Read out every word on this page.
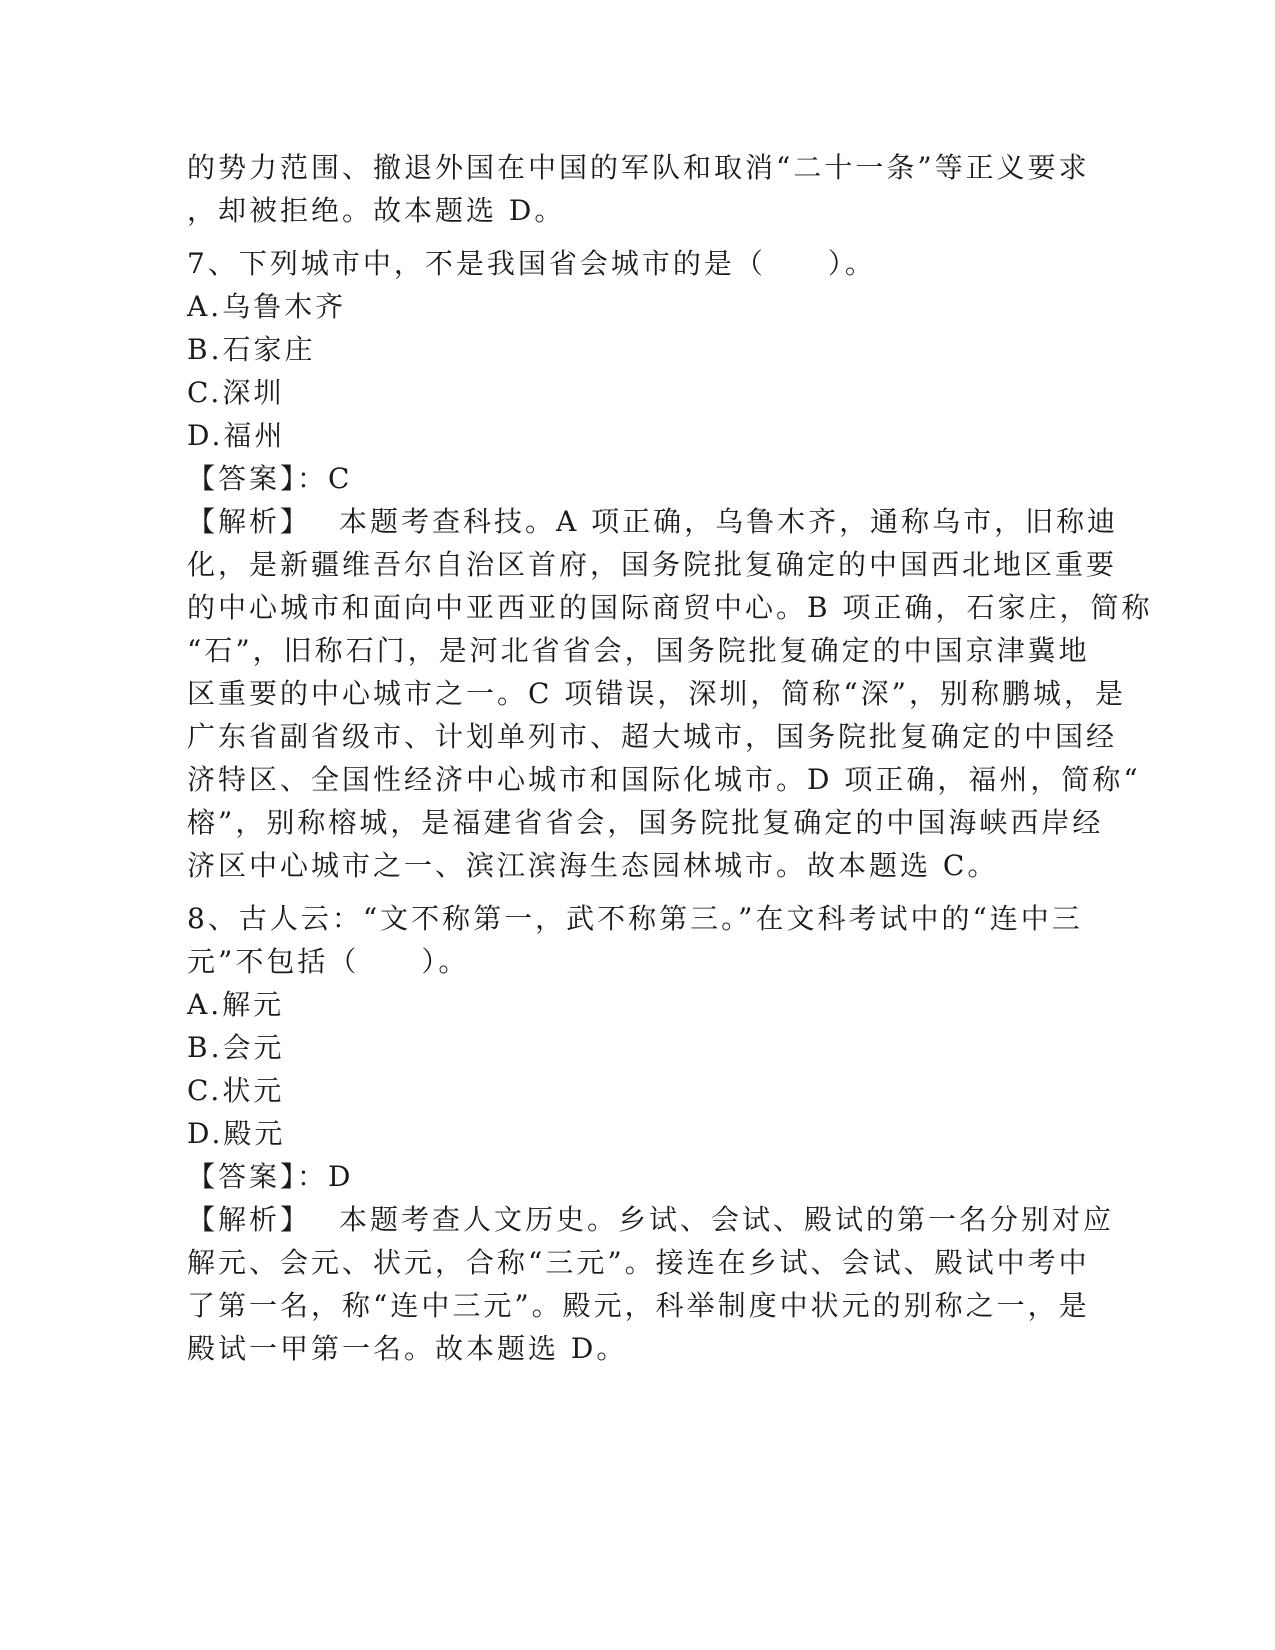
的势力范围、撤退外国在中国的军队和取消“二十一条”等正义要求
，却被拒绝。故本题选 D。
7、下列城市中，不是我国省会城市的是（　　）。
A.乌鲁木齐
B.石家庄
C.深圳
D.福州
【答案】：C
【解析】 本题考查科技。A 项正确，乌鲁木齐，通称乌市，旧称迪
化，是新疆维吾尔自治区首府，国务院批复确定的中国西北地区重要
的中心城市和面向中亚西亚的国际商贸中心。B 项正确，石家庄，简称
“石”，旧称石门，是河北省省会，国务院批复确定的中国京津冀地
区重要的中心城市之一。C 项错误，深圳，简称“深”，别称鹏城，是
广东省副省级市、计划单列市、超大城市，国务院批复确定的中国经
济特区、全国性经济中心城市和国际化城市。D 项正确，福州，简称“
榕”，别称榕城，是福建省省会，国务院批复确定的中国海峡西岸经
济区中心城市之一、滨江滨海生态园林城市。故本题选 C。
8、古人云：“文不称第一，武不称第三。”在文科考试中的“连中三
元”不包括（　　）。
A.解元
B.会元
C.状元
D.殿元
【答案】：D
【解析】 本题考查人文历史。乡试、会试、殿试的第一名分别对应
解元、会元、状元，合称“三元”。接连在乡试、会试、殿试中考中
了第一名，称“连中三元”。殿元，科举制度中状元的别称之一，是
殿试一甲第一名。故本题选 D。
